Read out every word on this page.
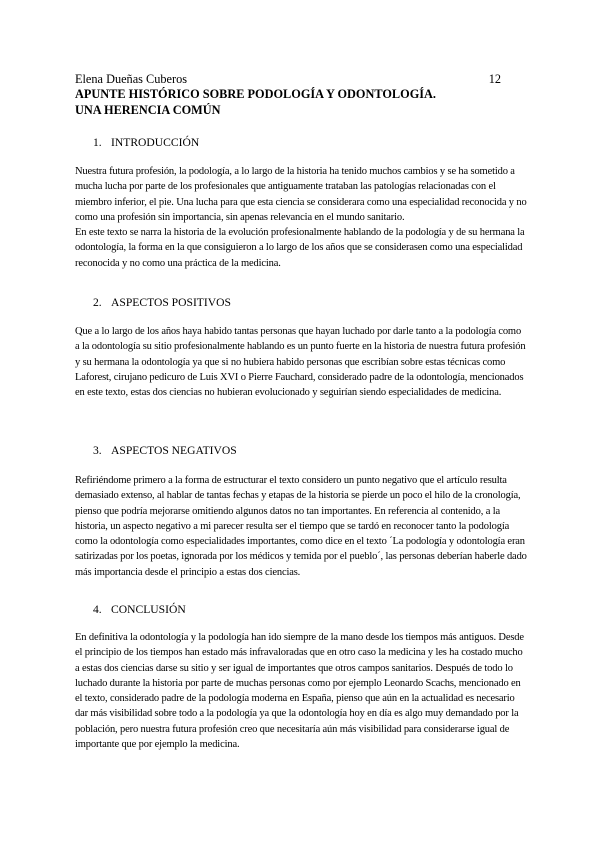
Elena Dueñas Cuberos	12
APUNTE HISTÓRICO SOBRE PODOLOGÍA Y ODONTOLOGÍA.
UNA HERENCIA COMÚN
1. INTRODUCCIÓN

Nuestra futura profesión, la podología, a lo largo de la historia ha tenido muchos cambios y se ha sometido a mucha lucha por parte de los profesionales que antiguamente trataban las patologías relacionadas con el miembro inferior, el pie. Una lucha para que esta ciencia se considerara como una especialidad reconocida y no como una profesión sin importancia, sin apenas relevancia en el mundo sanitario.

En este texto se narra la historia de la evolución profesionalmente hablando de la podología y de su hermana la odontología, la forma en la que consiguieron a lo largo de los años que se considerasen como una especialidad reconocida y no como una práctica de la medicina.

2. ASPECTOS POSITIVOS

Que a lo largo de los años haya habido tantas personas que hayan luchado por darle tanto a la podología como a la odontología su sitio profesionalmente hablando es un punto fuerte en la historia de nuestra futura profesión y su hermana la odontología ya que si no hubiera habido personas que escribían sobre estas técnicas como Laforest, cirujano pedicuro de Luis XVI o Pierre Fauchard, considerado padre de la odontología, mencionados en este texto, estas dos ciencias no hubieran evolucionado y seguirían siendo especialidades de medicina.

3. ASPECTOS NEGATIVOS

Refiriéndome primero a la forma de estructurar el texto considero un punto negativo que el artículo resulta demasiado extenso, al hablar de tantas fechas y etapas de la historia se pierde un poco el hilo de la cronología, pienso que podría mejorarse omitiendo algunos datos no tan importantes. En referencia al contenido, a la historia, un aspecto negativo a mi parecer resulta ser el tiempo que se tardó en reconocer tanto la podología como la odontología como especialidades importantes, como dice en el texto ´La podología y odontología eran satirizadas por los poetas, ignorada por los médicos y temida por el pueblo´, las personas deberían haberle dado más importancia desde el principio a estas dos ciencias.

4. CONCLUSIÓN

En definitiva la odontología y la podología han ido siempre de la mano desde los tiempos más antiguos. Desde el principio de los tiempos han estado más infravaloradas que en otro caso la medicina y les ha costado mucho a estas dos ciencias darse su sitio y ser igual de importantes que otros campos sanitarios. Después de todo lo luchado durante la historia por parte de muchas personas como por ejemplo Leonardo Scachs, mencionado en el texto, considerado padre de la podología moderna en España, pienso que aún en la actualidad es necesario dar más visibilidad sobre todo a la podología ya que la odontología hoy en día es algo muy demandado por la población, pero nuestra futura profesión creo que necesitaría aún más visibilidad para considerarse igual de importante que por ejemplo la medicina.
